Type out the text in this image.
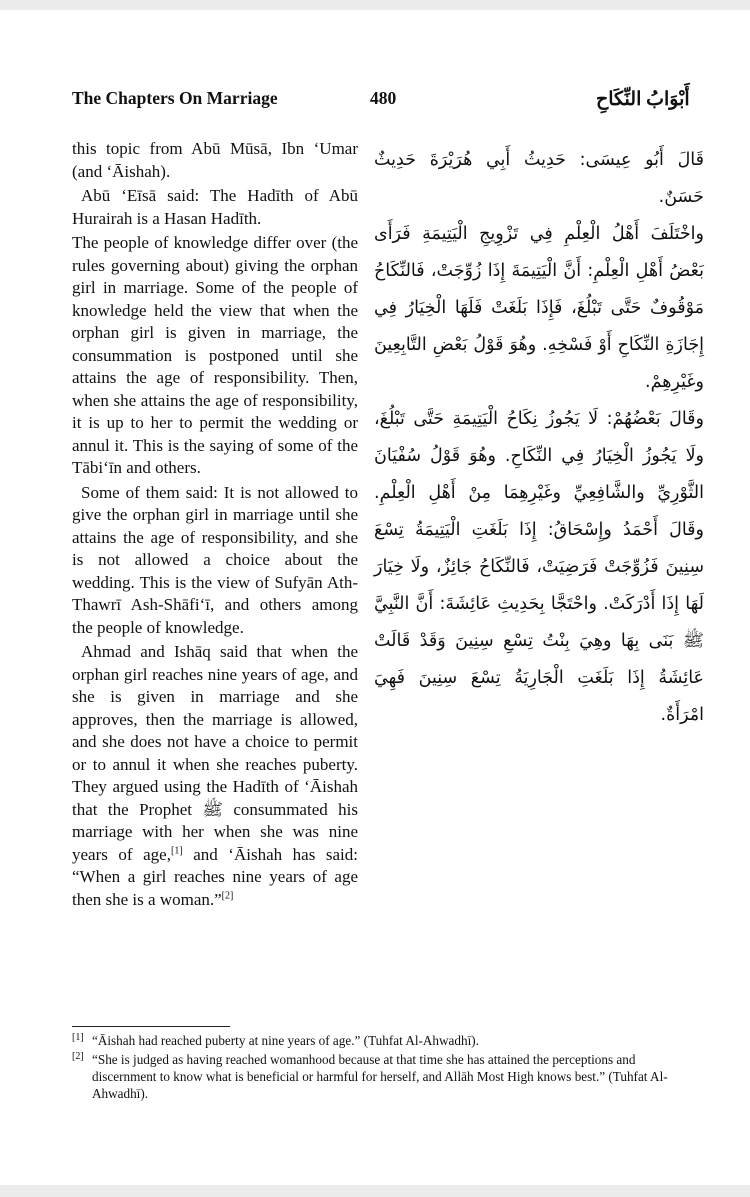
The Chapters On Marriage	480	أَبْوَابُ النِّكَاحِ

this topic from Abū Mūsā, Ibn ‘Umar (and ‘Āishah).

Abū ‘Eīsā said: The Hadīth of Abū Hurairah is a Hasan Hadīth.

The people of knowledge differ over (the rules governing about) giving the orphan girl in marriage. Some of the people of knowledge held the view that when the orphan girl is given in marriage, the consummation is postponed until she attains the age of responsibility. Then, when she attains the age of responsibility, it is up to her to permit the wedding or annul it. This is the saying of some of the Tābi‘īn and others.

Some of them said: It is not allowed to give the orphan girl in marriage until she attains the age of responsibility, and she is not allowed a choice about the wedding. This is the view of Sufyān Ath-Thawrī Ash-Shāfi‘ī, and others among the people of knowledge.

Ahmad and Ishāq said that when the orphan girl reaches nine years of age, and she is given in marriage and she approves, then the marriage is allowed, and she does not have a choice to permit or to annul it when she reaches puberty. They argued using the Hadīth of ‘Āishah that the Prophet ﷺ consummated his marriage with her when she was nine years of age,[1] and ‘Āishah has said: “When a girl reaches nine years of age then she is a woman.”[2]

قَالَ أَبُو عِيسَى: حَدِيثُ أَبِي هُرَيْرَةَ حَدِيثٌ حَسَنٌ.

واخْتَلَفَ أَهْلُ الْعِلْمِ فِي تَزْوِيجِ الْيَتِيمَةِ فَرَأَى بَعْضُ أَهْلِ الْعِلْمِ: أَنَّ الْيَتِيمَةَ إِذَا زُوِّجَتْ، فَالنِّكَاحُ مَوْقُوفٌ حَتَّى تَبْلُغَ، فَإِذَا بَلَغَتْ فَلَهَا الْخِيَارُ فِي إِجَازَةِ النِّكَاحِ أَوْ فَسْخِهِ. وهُوَ قَوْلُ بَعْضِ التَّابِعِينَ وغَيْرِهِمْ.

وقَالَ بَعْضُهُمْ: لَا يَجُوزُ نِكَاحُ الْيَتِيمَةِ حَتَّى تَبْلُغَ، ولَا يَجُوزُ الْخِيَارُ فِي النِّكَاحِ. وهُوَ قَوْلُ سُفْيَانَ الثَّوْرِيِّ والشَّافِعِيِّ وغَيْرِهِمَا مِنْ أَهْلِ الْعِلْمِ. وقَالَ أَحْمَدُ وإِسْحَاقُ: إِذَا بَلَغَتِ الْيَتِيمَةُ تِسْعَ سِنِينَ فَزُوِّجَتْ فَرَضِيَتْ، فَالنِّكَاحُ جَائِزٌ، ولَا خِيَارَ لَهَا إِذَا أَدْرَكَتْ. واحْتَجَّا بِحَدِيثِ عَائِشَةَ: أَنَّ النَّبِيَّ ﷺ بَنَى بِهَا وهِيَ بِنْتُ تِسْعِ سِنِينَ وَقَدْ قَالَتْ عَائِشَةُ إِذَا بَلَغَتِ الْجَارِيَةُ تِسْعَ سِنِينَ فَهِيَ امْرَأَةٌ.

[1] “Āishah had reached puberty at nine years of age.” (Tuhfat Al-Ahwadhī).
[2] “She is judged as having reached womanhood because at that time she has attained the perceptions and discernment to know what is beneficial or harmful for herself, and Allāh Most High knows best.” (Tuhfat Al-Ahwadhī).
